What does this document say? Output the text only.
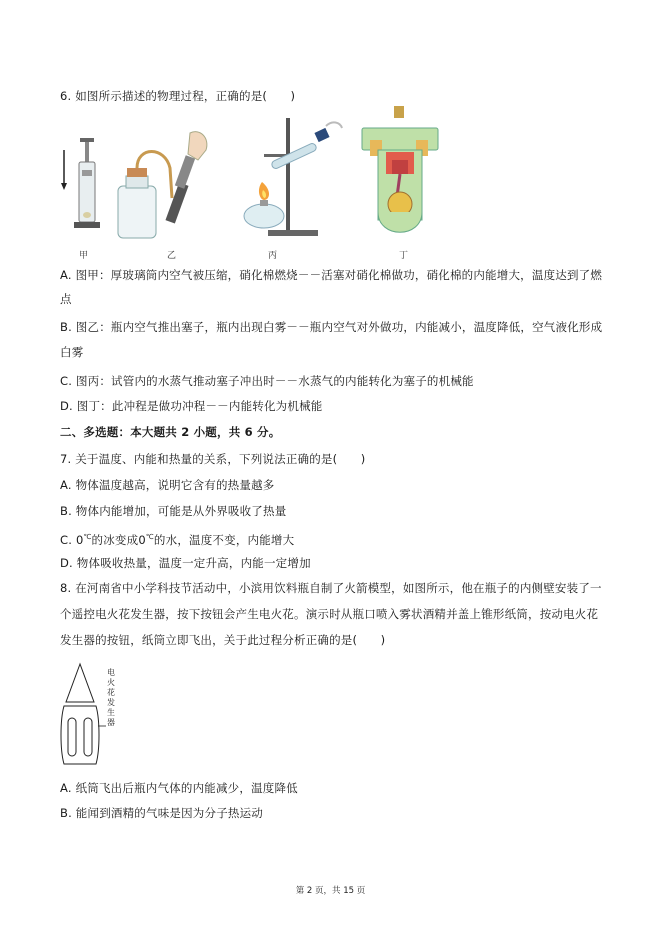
6. 如图所示描述的物理过程，正确的是(　　)
甲	乙	丙	丁
A. 图甲：厚玻璃筒内空气被压缩，硝化棉燃烧－－活塞对硝化棉做功，硝化棉的内能增大，温度达到了燃
点
B. 图乙：瓶内空气推出塞子，瓶内出现白雾－－瓶内空气对外做功，内能减小，温度降低，空气液化形成
白雾
C. 图丙：试管内的水蒸气推动塞子冲出时－－水蒸气的内能转化为塞子的机械能
D. 图丁：此冲程是做功冲程－－内能转化为机械能
二、多选题：本大题共 2 小题，共 6 分。
7. 关于温度、内能和热量的关系，下列说法正确的是(　　)
A. 物体温度越高，说明它含有的热量越多
B. 物体内能增加，可能是从外界吸收了热量
C. 0℃的冰变成0℃的水，温度不变，内能增大
D. 物体吸收热量，温度一定升高，内能一定增加
8. 在河南省中小学科技节活动中，小滨用饮料瓶自制了火箭模型，如图所示，他在瓶子的内侧壁安装了一
个遥控电火花发生器，按下按钮会产生电火花。演示时从瓶口喷入雾状酒精并盖上锥形纸筒，按动电火花
发生器的按钮，纸筒立即飞出，关于此过程分析正确的是(　　)
电
火
花
发
生
器
A. 纸筒飞出后瓶内气体的内能减少，温度降低
B. 能闻到酒精的气味是因为分子热运动
第 2 页，共 15 页
